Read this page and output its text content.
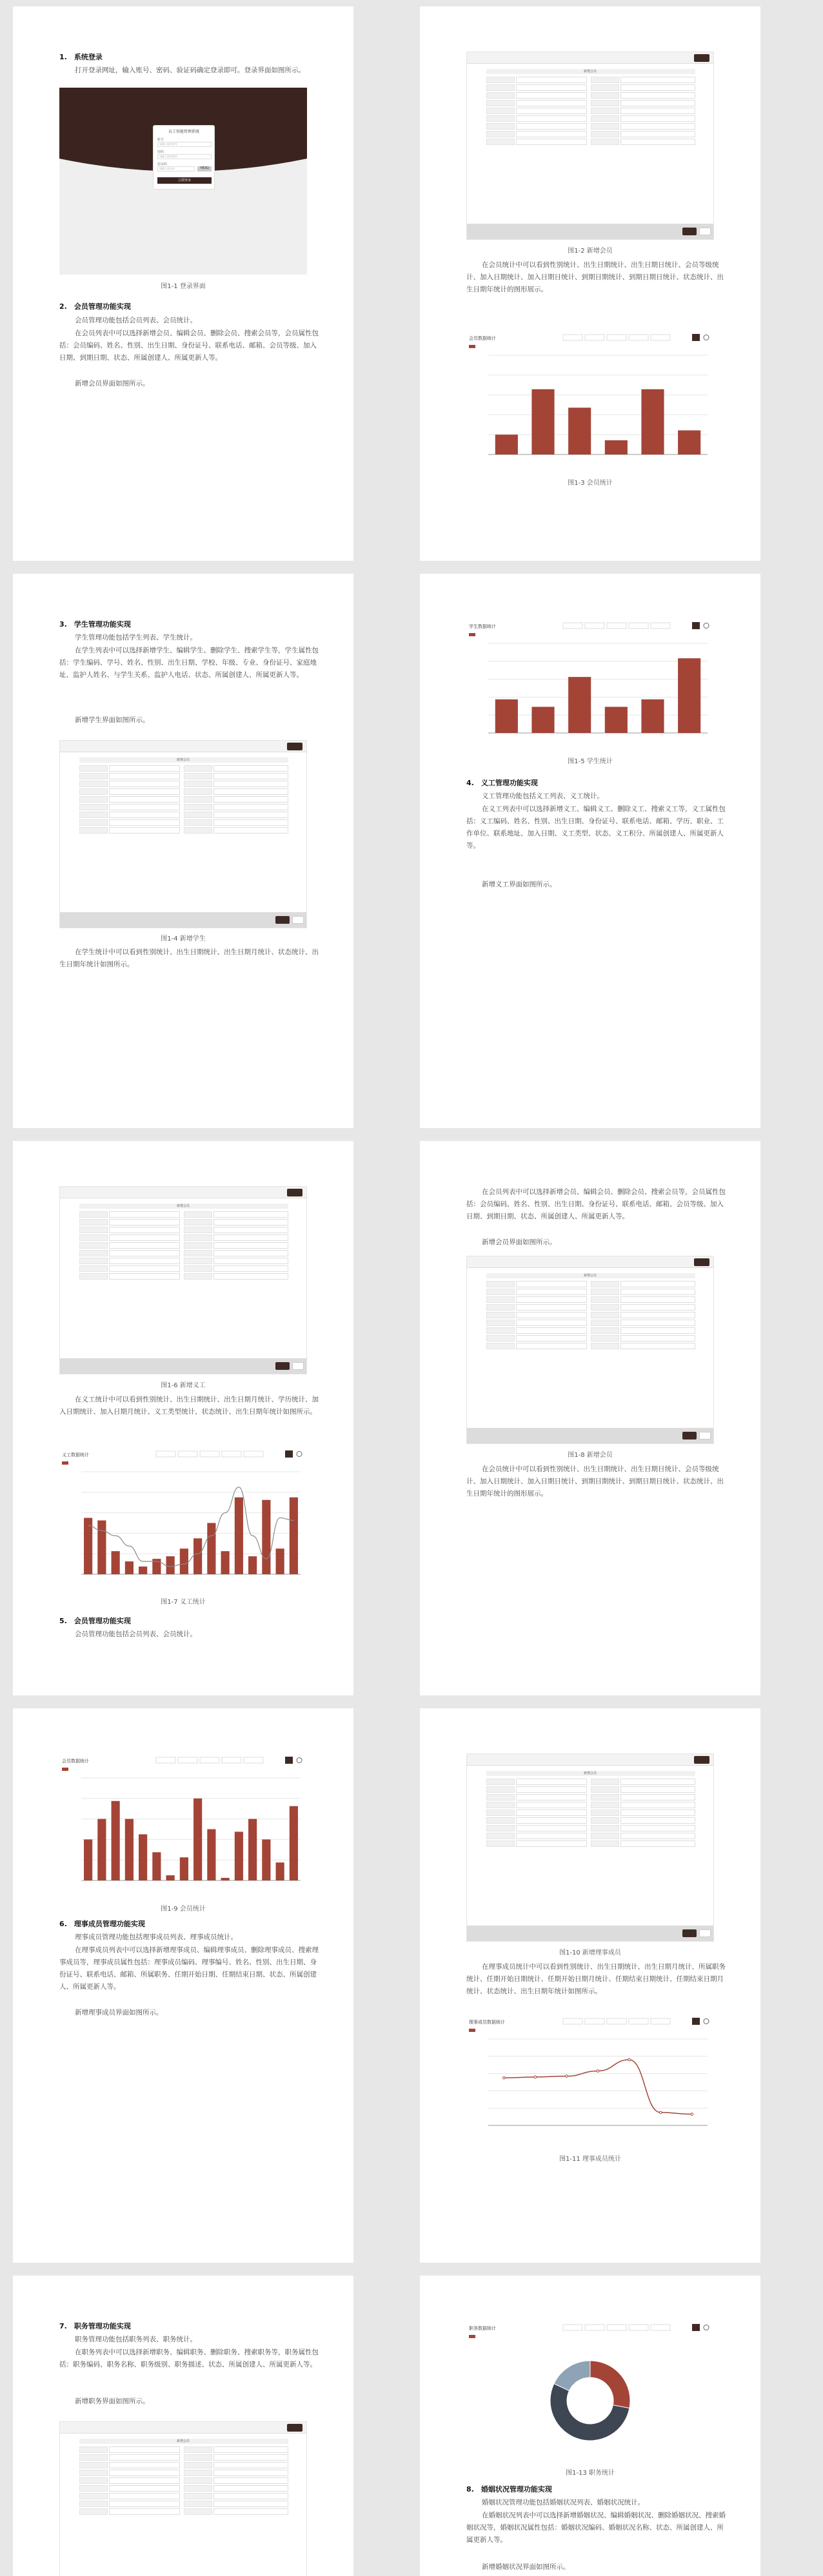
1.　系统登录
打开登录网址，输入账号、密码、验证码确定登录即可。登录界面如图所示。
员工智能管理系统
账号
请输入您的账号
密码
请输入您的密码
验证码
请输入验证码	YB3Q
立即登录
图1-1 登录界面
2.　会员管理功能实现
会员管理功能包括会员列表、会员统计。
在会员列表中可以选择新增会员、编辑会员、删除会员、搜索会员等，会员属性包括：会员编码、姓名、性别、出生日期、身份证号、联系电话、邮箱、会员等级、加入日期、到期日期、状态、所属创建人、所属更新人等。
新增会员界面如图所示。
新增会员
图1-2 新增会员
在会员统计中可以看到性别统计、出生日期统计、出生日期日统计、会员等级统计、加入日期统计、加入日期日统计、到期日期统计、到期日期日统计、状态统计、出生日期年统计的图形展示。
会员数据统计
图1-3 会员统计
3.　学生管理功能实现
学生管理功能包括学生列表、学生统计。
在学生列表中可以选择新增学生、编辑学生、删除学生、搜索学生等，学生属性包括：学生编码、学号、姓名、性别、出生日期、学校、年级、专业、身份证号、家庭地址、监护人姓名、与学生关系、监护人电话、状态、所属创建人、所属更新人等。
新增学生界面如图所示。
新增会员
图1-4 新增学生
在学生统计中可以看到性别统计、出生日期统计、出生日期月统计、状态统计、出生日期年统计如图所示。
学生数据统计
图1-5 学生统计
4.　义工管理功能实现
义工管理功能包括义工列表、义工统计。
在义工列表中可以选择新增义工、编辑义工、删除义工、搜索义工等，义工属性包括：义工编码、姓名、性别、出生日期、身份证号、联系电话、邮箱、学历、职业、工作单位、联系地址、加入日期、义工类型、状态、义工积分、所属创建人、所属更新人等。
新增义工界面如图所示。
新增会员
图1-6 新增义工
在义工统计中可以看到性别统计、出生日期统计、出生日期月统计、学历统计、加入日期统计、加入日期月统计、义工类型统计、状态统计、出生日期年统计如图所示。
义工数据统计
图1-7 义工统计
5.　会员管理功能实现
会员管理功能包括会员列表、会员统计。
在会员列表中可以选择新增会员、编辑会员、删除会员、搜索会员等，会员属性包括：会员编码、姓名、性别、出生日期、身份证号、联系电话、邮箱、会员等级、加入日期、到期日期、状态、所属创建人、所属更新人等。
新增会员界面如图所示。
新增会员
图1-8 新增会员
在会员统计中可以看到性别统计、出生日期统计、出生日期日统计、会员等级统计、加入日期统计、加入日期日统计、到期日期统计、到期日期日统计、状态统计、出生日期年统计的图形展示。
会员数据统计
图1-9 会员统计
6.　理事成员管理功能实现
理事成员管理功能包括理事成员列表、理事成员统计。
在理事成员列表中可以选择新增理事成员、编辑理事成员、删除理事成员、搜索理事成员等，理事成员属性包括：理事成员编码、理事编号、姓名、性别、出生日期、身份证号、联系电话、邮箱、所属职务、任期开始日期、任期结束日期、状态、所属创建人、所属更新人等。
新增理事成员界面如图所示。
新增会员
图1-10 新增理事成员
在理事成员统计中可以看到性别统计、出生日期统计、出生日期月统计、所属职务统计、任期开始日期统计、任期开始日期月统计、任期结束日期统计、任期结束日期月统计、状态统计、出生日期年统计如图所示。
理事成员数据统计
图1-11 理事成员统计
7.　职务管理功能实现
职务管理功能包括职务列表、职务统计。
在职务列表中可以选择新增职务、编辑职务、删除职务、搜索职务等，职务属性包括：职务编码、职务名称、职务级别、职务描述、状态、所属创建人、所属更新人等。
新增职务界面如图所示。
新增会员
职务数据统计
图1-13 职务统计
8.　婚姻状况管理功能实现
婚姻状况管理功能包括婚姻状况列表、婚姻状况统计。
在婚姻状况列表中可以选择新增婚姻状况、编辑婚姻状况、删除婚姻状况、搜索婚姻状况等，婚姻状况属性包括：婚姻状况编码、婚姻状况名称、状态、所属创建人、所属更新人等。
新增婚姻状况界面如图所示。
